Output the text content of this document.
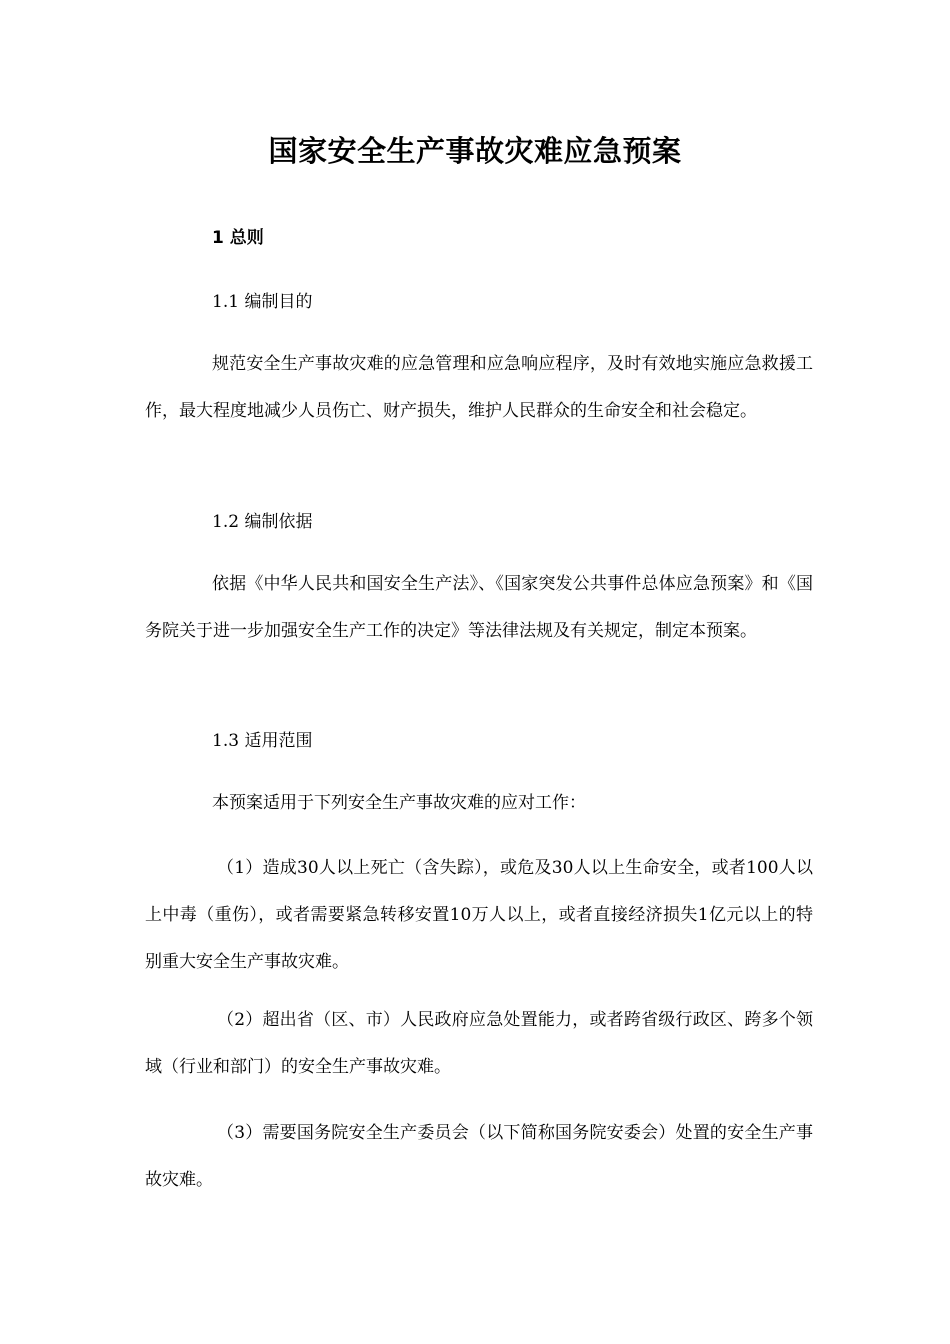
国家安全生产事故灾难应急预案
1 总则

1.1 编制目的

规范安全生产事故灾难的应急管理和应急响应程序，及时有效地实施应急救援工作，最大程度地减少人员伤亡、财产损失，维护人民群众的生命安全和社会稳定。

1.2 编制依据

依据《中华人民共和国安全生产法》、《国家突发公共事件总体应急预案》和《国务院关于进一步加强安全生产工作的决定》等法律法规及有关规定，制定本预案。

1.3 适用范围

本预案适用于下列安全生产事故灾难的应对工作：

（1）造成30人以上死亡（含失踪），或危及30人以上生命安全，或者100人以上中毒（重伤），或者需要紧急转移安置10万人以上，或者直接经济损失1亿元以上的特别重大安全生产事故灾难。

（2）超出省（区、市）人民政府应急处置能力，或者跨省级行政区、跨多个领域（行业和部门）的安全生产事故灾难。

（3）需要国务院安全生产委员会（以下简称国务院安委会）处置的安全生产事故灾难。
